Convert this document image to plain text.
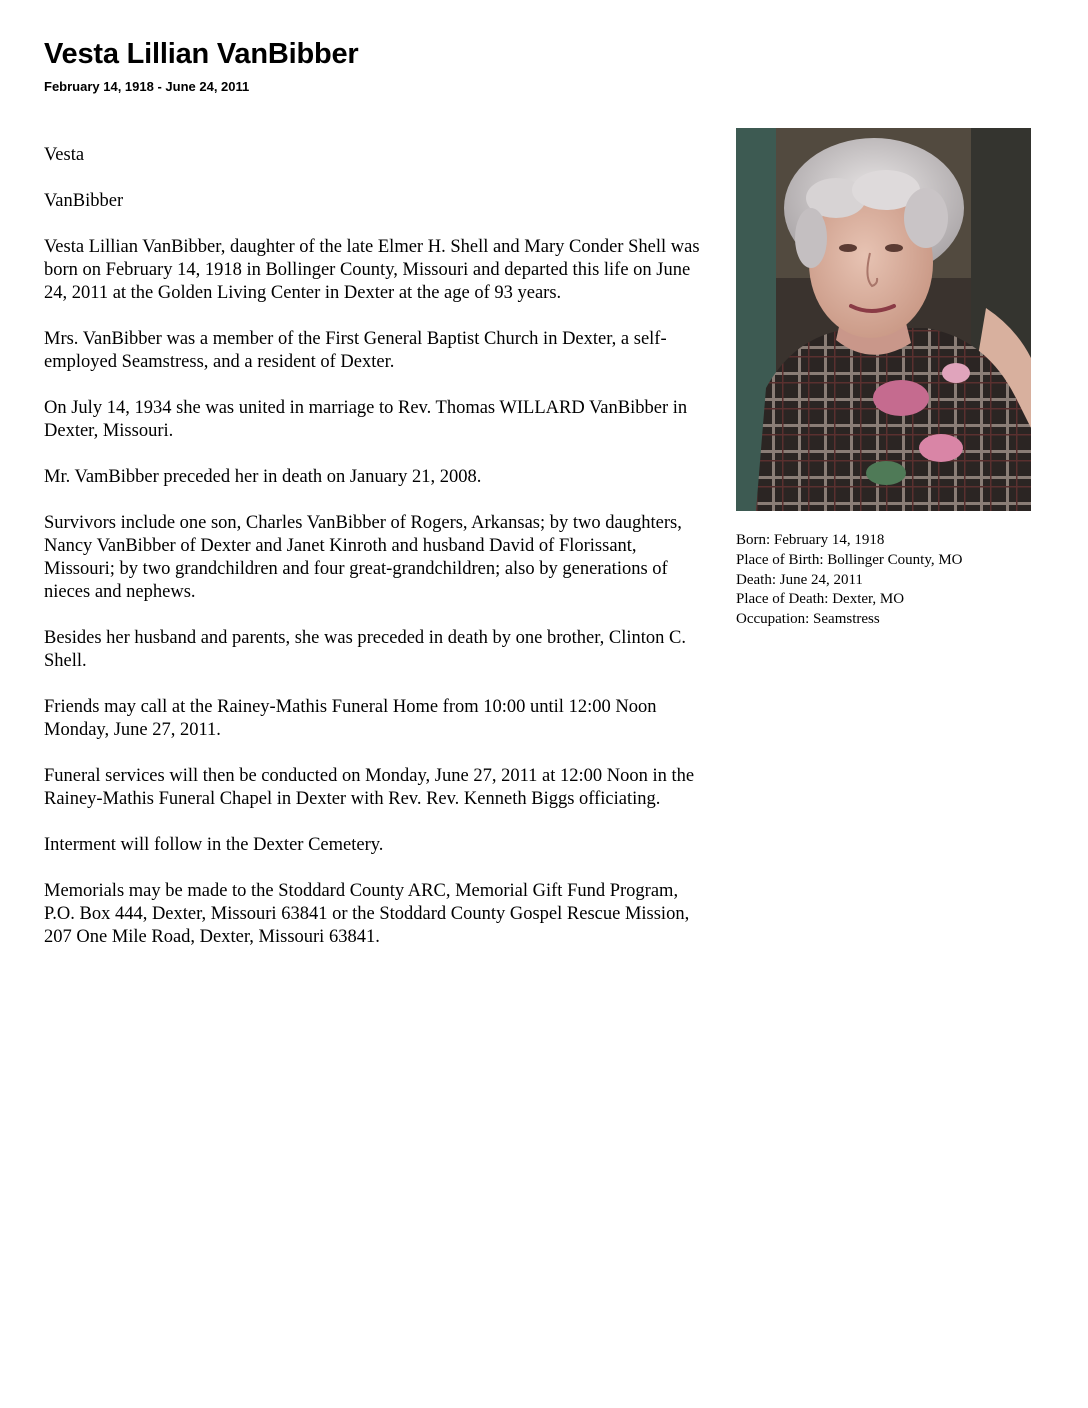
Vesta Lillian VanBibber
February 14, 1918 - June 24, 2011

Vesta

VanBibber

Vesta Lillian VanBibber, daughter of the late Elmer H. Shell and Mary Conder Shell was born on February 14, 1918 in Bollinger County, Missouri and departed this life on June 24, 2011 at the Golden Living Center in Dexter at the age of 93 years.

Mrs. VanBibber was a member of the First General Baptist Church in Dexter, a self- employed Seamstress, and a resident of Dexter.

On July 14, 1934 she was united in marriage to Rev. Thomas WILLARD VanBibber in Dexter, Missouri.

Mr. VamBibber preceded her in death on January 21, 2008.

Survivors include one son, Charles VanBibber of Rogers, Arkansas; by two daughters, Nancy VanBibber of Dexter and Janet Kinroth and husband David of Florissant, Missouri; by two grandchildren and four great-grandchildren; also by generations of nieces and nephews.

Besides her husband and parents, she was preceded in death by one brother, Clinton C. Shell.

Friends may call at the Rainey-Mathis Funeral Home from 10:00 until 12:00 Noon Monday, June 27, 2011.

Funeral services will then be conducted on Monday, June 27, 2011 at 12:00 Noon in the Rainey-Mathis Funeral Chapel in Dexter with Rev. Rev. Kenneth Biggs officiating.

Interment will follow in the Dexter Cemetery.

Memorials may be made to the Stoddard County ARC, Memorial Gift Fund Program, P.O. Box 444, Dexter, Missouri 63841 or the Stoddard County Gospel Rescue Mission, 207 One Mile Road, Dexter, Missouri 63841.

Born: February 14, 1918
Place of Birth: Bollinger County, MO
Death: June 24, 2011
Place of Death: Dexter, MO
Occupation: Seamstress
